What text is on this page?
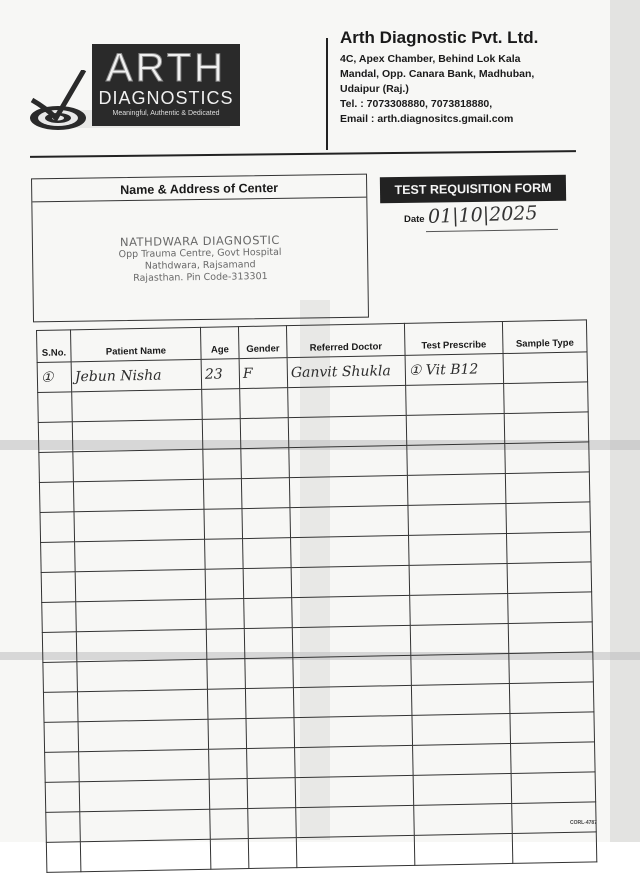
ARTH
DIAGNOSTICS
Meaningful, Authentic & Dedicated
Arth Diagnostic Pvt. Ltd.
4C, Apex Chamber, Behind Lok Kala
Mandal, Opp. Canara Bank, Madhuban,
Udaipur (Raj.)
Tel. : 7073308880, 7073818880,
Email : arth.diagnositcs.gmail.com
Name & Address of Center
NATHDWARA DIAGNOSTIC
Opp Trauma Centre, Govt Hospital
Nathdwara, Rajsamand
Rajasthan. Pin Code-313301
TEST REQUISITION FORM
Date 01|10|2025
S.No.	Patient Name	Age	Gender	Referred Doctor	Test Prescribe	Sample Type
①	Jebun Nisha	23	F	Ganvit Shukla	① Vit B12	

CORL-4787
